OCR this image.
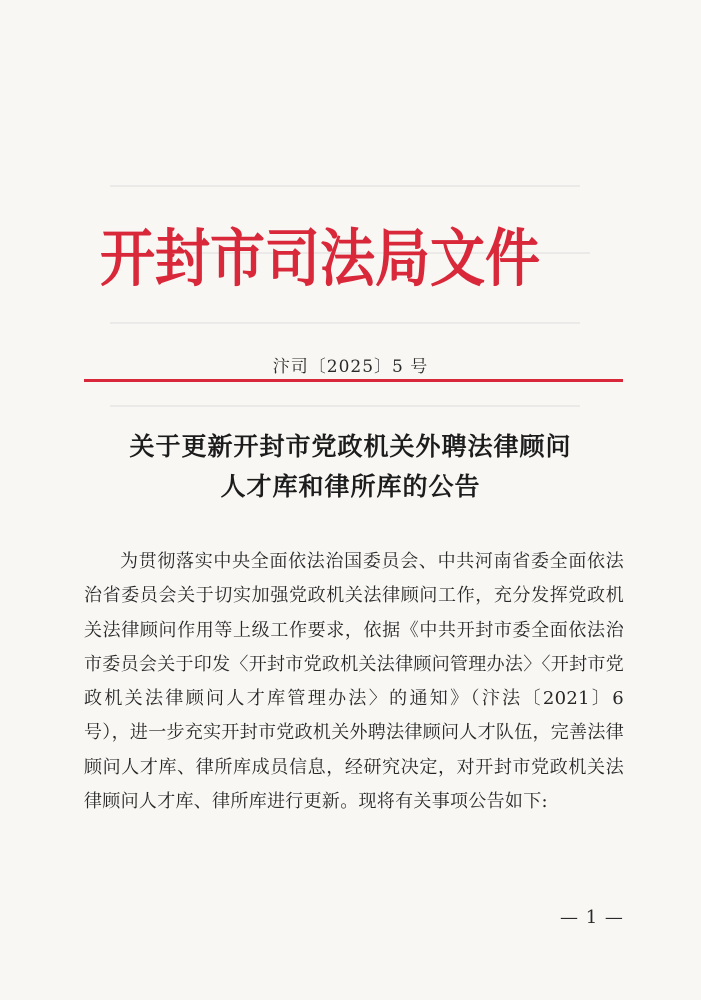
开封市司法局文件
汴司〔2025〕5 号
关于更新开封市党政机关外聘法律顾问
人才库和律所库的公告
为贯彻落实中央全面依法治国委员会、中共河南省委全面依法治省委员会关于切实加强党政机关法律顾问工作，充分发挥党政机关法律顾问作用等上级工作要求，依据《中共开封市委全面依法治市委员会关于印发〈开封市党政机关法律顾问管理办法〉〈开封市党政机关法律顾问人才库管理办法〉的通知》（汴法〔2021〕6 号），进一步充实开封市党政机关外聘法律顾问人才队伍，完善法律顾问人才库、律所库成员信息，经研究决定，对开封市党政机关法律顾问人才库、律所库进行更新。现将有关事项公告如下:
— 1 —
